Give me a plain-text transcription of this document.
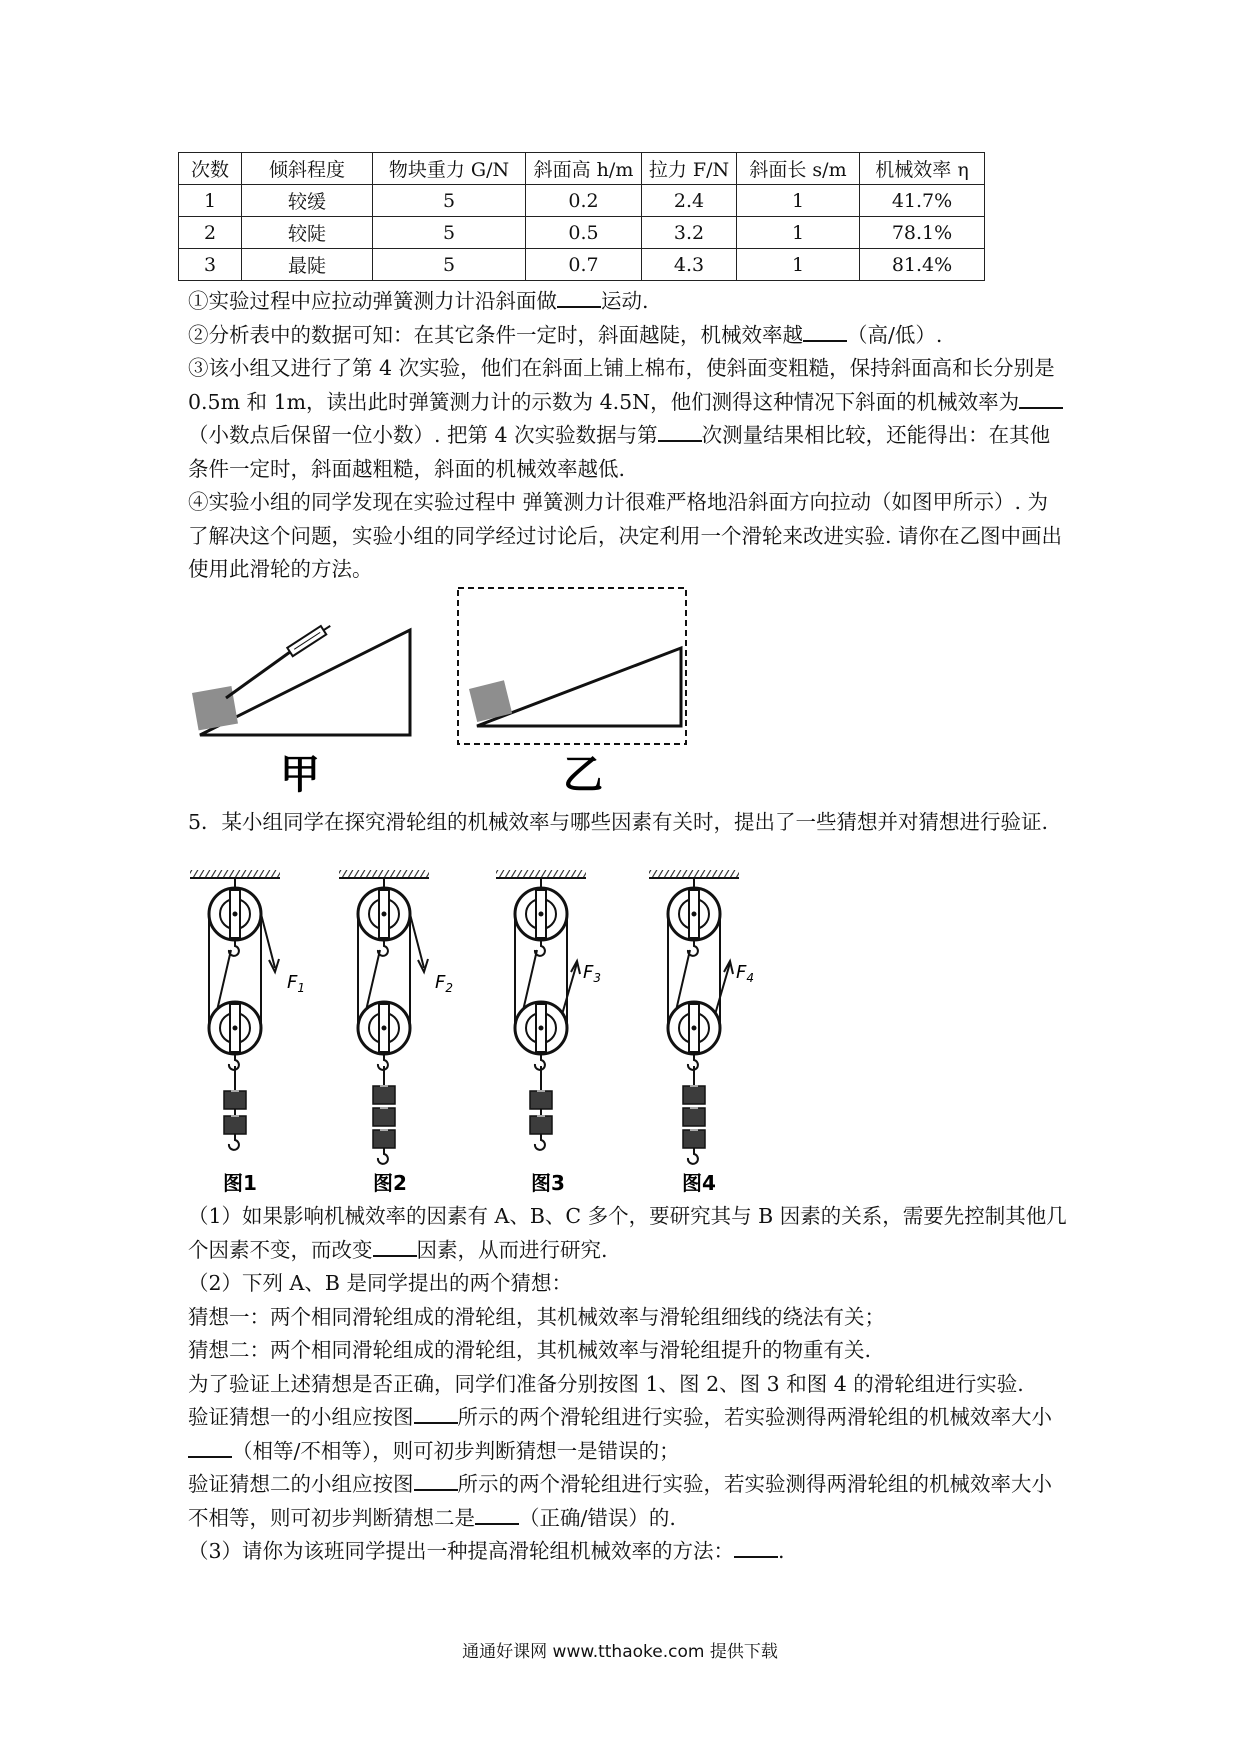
次数	倾斜程度	物块重力 G/N	斜面高 h/m	拉力 F/N	斜面长 s/m	机械效率 η
1	较缓	5	0.2	2.4	1	41.7%
2	较陡	5	0.5	3.2	1	78.1%
3	最陡	5	0.7	4.3	1	81.4%

①实验过程中应拉动弹簧测力计沿斜面做 运动.

②分析表中的数据可知：在其它条件一定时，斜面越陡，机械效率越 （高/低）.

③该小组又进行了第 4 次实验，他们在斜面上铺上棉布，使斜面变粗糙，保持斜面高和长分别是 0.5m 和 1m，读出此时弹簧测力计的示数为 4.5N，他们测得这种情况下斜面的机械效率为（小数点后保留一位小数）. 把第 4 次实验数据与第 次测量结果相比较，还能得出：在其他条件一定时，斜面越粗糙，斜面的机械效率越低.

④实验小组的同学发现在实验过程中 弹簧测力计很难严格地沿斜面方向拉动（如图甲所示）. 为了解决这个问题，实验小组的同学经过讨论后，决定利用一个滑轮来改进实验. 请你在乙图中画出使用此滑轮的方法。

甲	乙
5．某小组同学在探究滑轮组的机械效率与哪些因素有关时，提出了一些猜想并对猜想进行验证.
$F_1$	$F_2$
$F_3$	$F_4$
图1	图2	图3	图4

（1）如果影响机械效率的因素有 A、B、C 多个，要研究其与 B 因素的关系，需要先控制其他几个因素不变，而改变 因素，从而进行研究.

（2）下列 A、B 是同学提出的两个猜想：

猜想一：两个相同滑轮组成的滑轮组，其机械效率与滑轮组细线的绕法有关；

猜想二：两个相同滑轮组成的滑轮组，其机械效率与滑轮组提升的物重有关.

为了验证上述猜想是否正确，同学们准备分别按图 1、图 2、图 3 和图 4 的滑轮组进行实验.

验证猜想一的小组应按图 所示的两个滑轮组进行实验，若实验测得两滑轮组的机械效率大小（相等/不相等），则可初步判断猜想一是错误的；

验证猜想二的小组应按图 所示的两个滑轮组进行实验，若实验测得两滑轮组的机械效率大小不相等，则可初步判断猜想二是 （正确/错误）的.

（3）请你为该班同学提出一种提高滑轮组机械效率的方法： .

通通好课网 www.tthaoke.com 提供下载
